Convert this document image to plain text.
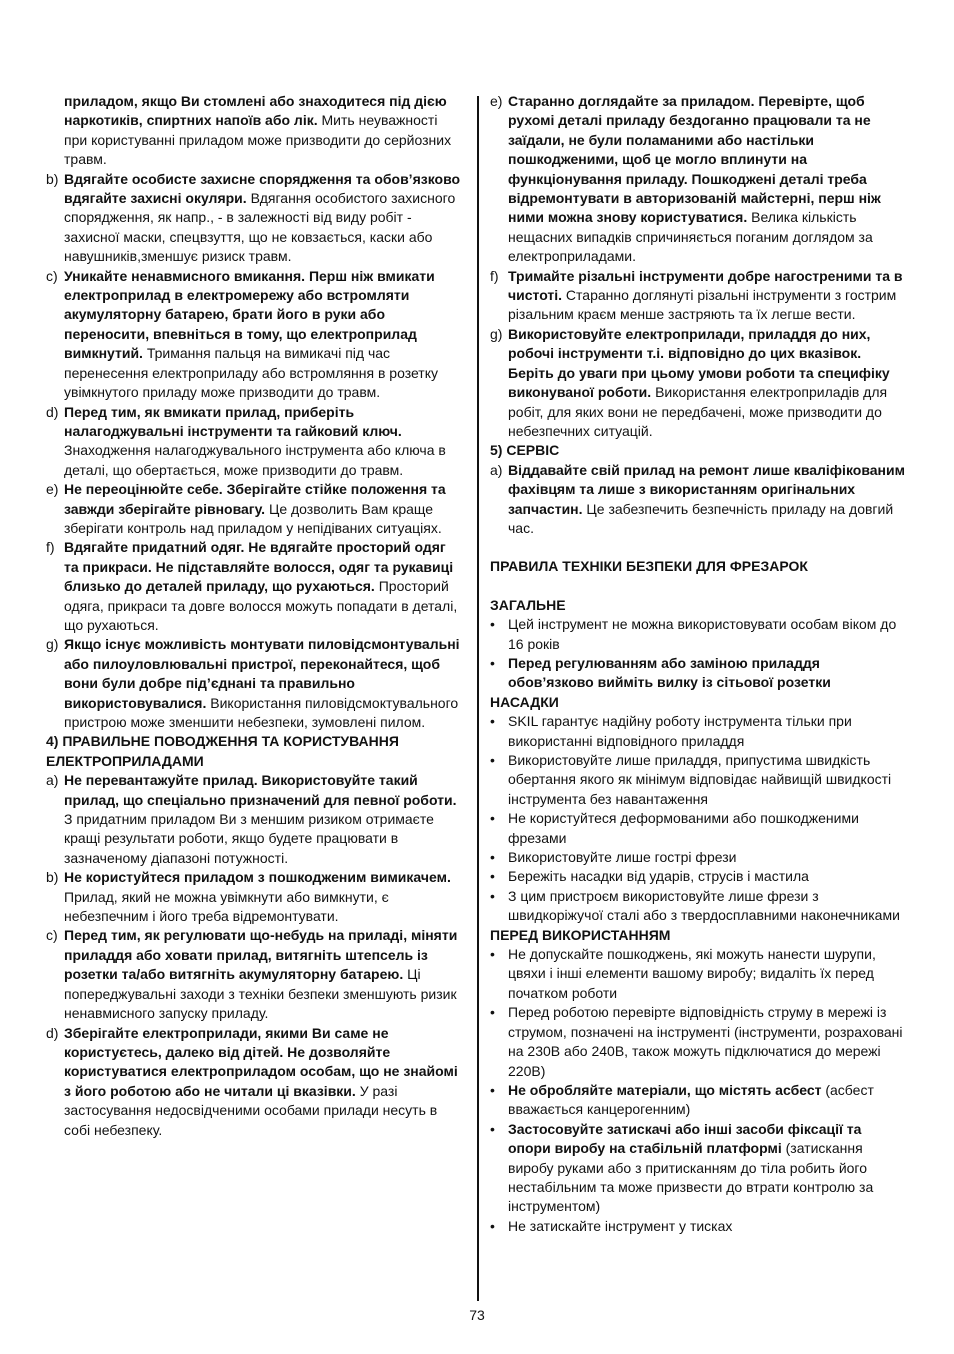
приладом, якщо Ви стомлені або знаходитеся під дією наркотиків, спиртних напоїв або лік. Мить неуважності при користуванні приладом може призводити до серйозних травм.
b) Вдягайте особисте захисне спорядження та обов’язково вдягайте захисні окуляри. Вдягання особистого захисного спорядження, як напр., - в залежності від виду робіт - захисної маски, спецвзуття, що не ковзається, каски або навушників,зменшує ризиск травм.
c) Уникайте ненавмисного вмикання. Перш ніж вмикати електроприлад в електромережу або встромляти акумуляторну батарею, брати його в руки або переносити, впевніться в тому, що електроприлад вимкнутий. Тримання пальця на вимикачі під час перенесення електроприладу або встромляння в розетку увімкнутого приладу може призводити до травм.
d) Перед тим, як вмикати прилад, приберіть налагоджувальні інструменти та гайковий ключ. Знаходження налагоджувального інструмента або ключа в деталі, що обертається, може призводити до травм.
e) Не переоцінюйте себе. Зберігайте стійке положення та завжди зберігайте рівновагу. Це дозволить Вам краще зберігати контроль над приладом у непідіваних ситуаціях.
f) Вдягайте придатний одяг. Не вдягайте просторий одяг та прикраси. Не підставляйте волосся, одяг та рукавиці близько до деталей приладу, що рухаються. Просторий одяга, прикраси та довге волосся можуть попадати в деталі, що рухаються.
g) Якщо існує можливість монтувати пиловідсмонтувальні або пилоуловлювальні пристрої, переконайтеся, щоб вони були добре під’єднані та правильно використовувалися. Використання пиловідсмоктувального пристрою може зменшити небезпеки, зумовлені пилом.
4) ПРАВИЛЬНЕ ПОВОДЖЕННЯ ТА КОРИСТУВАННЯ ЕЛЕКТРОПРИЛАДАМИ
a) Не перевантажуйте прилад. Використовуйте такий прилад, що спеціально призначений для певної роботи. З придатним приладом Ви з меншим ризиком отримаєте кращі результати роботи, якщо будете працювати в зазначеному діапазоні потужності.
b) Не користуйтеся приладом з пошкодженим вимикачем. Прилад, який не можна увімкнути або вимкнути, є небезпечним і його треба відремонтувати.
c) Перед тим, як регулювати що-небудь на приладі, міняти приладдя або ховати прилад, витягніть штепсель із розетки та/або витягніть акумуляторну батарею. Ці попереджувальні заходи з техніки безпеки зменшують ризик ненавмисного запуску приладу.
d) Зберігайте електроприлади, якими Ви саме не користуєтесь, далеко від дітей. Не дозволяйте користуватися електроприладом особам, що не знайомі з його роботою або не читали ці вказівки. У разі застосування недосвідченими особами прилади несуть в собі небезпеку.
e) Старанно доглядайте за приладом. Перевірте, щоб рухомі деталі приладу бездоганно працювали та не заїдали, не були поламаними або настільки пошкодженими, щоб це могло вплинути на функціонування приладу. Пошкоджені деталі треба відремонтувати в авторизованій майстерні, перш ніж ними можна знову користуватися. Велика кількість нещасних випадків спричиняється поганим доглядом за електроприладами.
f) Тримайте різальні інструменти добре нагостреними та в чистоті. Старанно доглянуті різальні інструменти з гострим різальним краєм менше застряють та їх легше вести.
g) Використовуйте електроприлади, приладдя до них, робочі інструменти т.і. відповідно до цих вказівок. Беріть до уваги при цьому умови роботи та специфіку виконуваної роботи. Використання електроприладів для робіт, для яких вони не передбачені, може призводити до небезпечних ситуацій.
5) СЕРВІС
a) Віддавайте свій прилад на ремонт лише кваліфікованим фахівцям та лише з використанням оригінальних запчастин. Це забезпечить безпечність приладу на довгий час.
ПРАВИЛА ТЕХНІКИ БЕЗПЕКИ ДЛЯ ФРЕЗАРОК
ЗАГАЛЬНЕ
• Цей інструмент не можна використовувати особам віком до 16 років
• Перед регулюванням або заміною приладдя обов’язково вийміть вилку із сітьової розетки
НАСАДКИ
• SKIL гарантує надійну роботу інструмента тільки при використанні відповідного приладдя
• Використовуйте лише приладдя, припустима швидкість обертання якого як мінімум відповідає найвищій швидкості інструмента без навантаження
• Не користуйтеся деформованими або пошкодженими фрезами
• Використовуйте лише гострі фрези
• Бережіть насадки від ударів, струсів і мастила
• З цим пристроєм використовуйте лише фрези з швидкоріжучої сталі або з твердосплавними наконечниками
ПЕРЕД ВИКОРИСТАННЯМ
• Не допускайте пошкоджень, які можуть нанести шурупи, цвяхи і інші елементи вашому виробу; видаліть їх перед початком роботи
• Перед роботою перевірте відповідність струму в мережі із струмом, позначені на інструменті (інструменти, розраховані на 230В або 240В, також можуть підключатися до мережі 220В)
• Не обробляйте матеріали, що містять асбест (асбест вважається канцерогенним)
• Застосовуйте затискачі або інші засоби фіксації та опори виробу на стабільній платформі (затискання виробу руками або з притисканням до тіла робить його нестабільним та може призвести до втрати контролю за інструментом)
• Не затискайте інструмент у тисках
73
